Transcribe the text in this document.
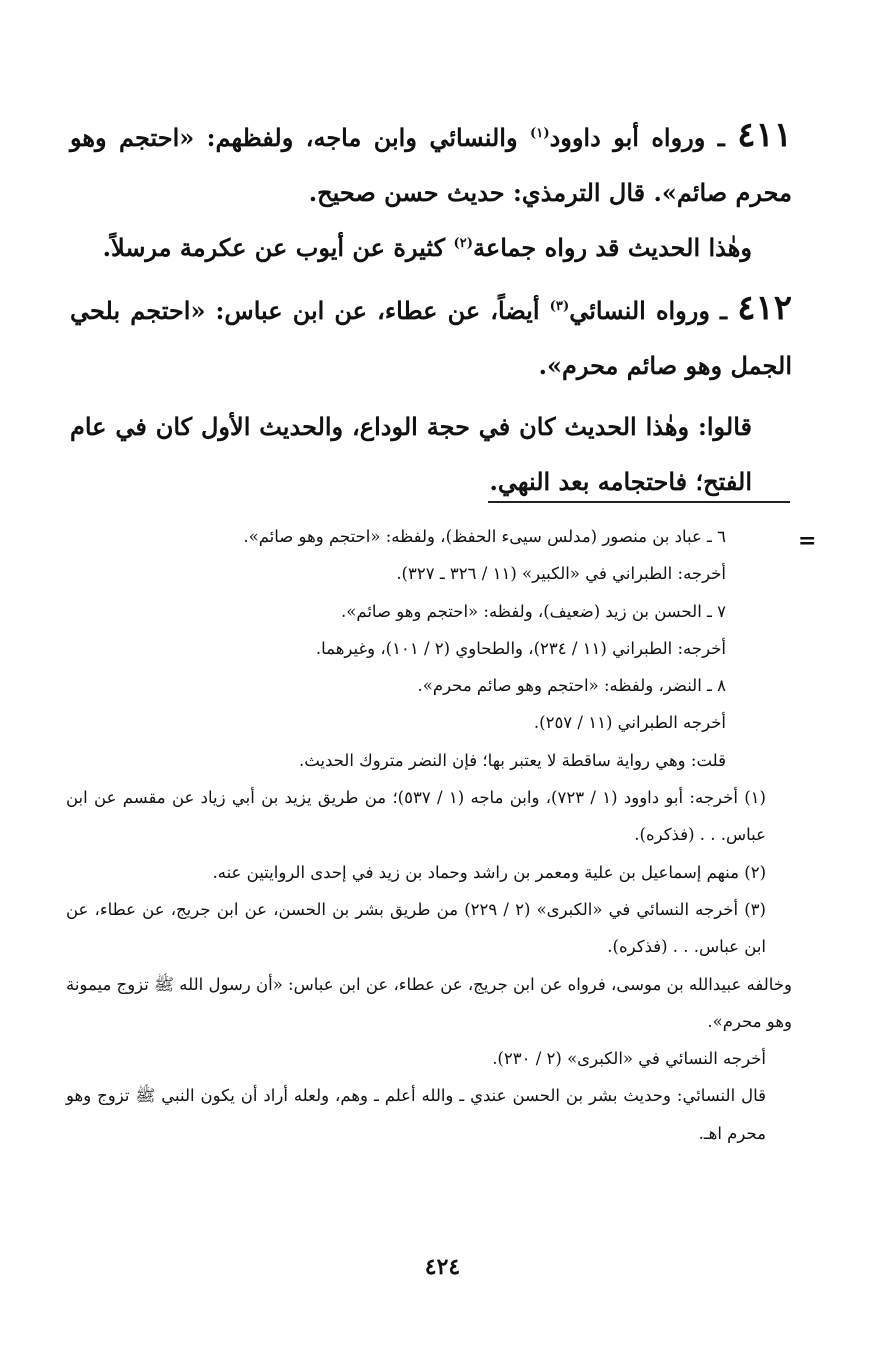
٤١١ ـ ورواه أبو داوود$^{(١)}$ والنسائي وابن ماجه، ولفظهم: «احتجم وهو محرم صائم». قال الترمذي: حديث حسن صحيح.

وهٰذا الحديث قد رواه جماعة$^{(٢)}$ كثيرة عن أيوب عن عكرمة مرسلاً.

٤١٢ ـ ورواه النسائي$^{(٣)}$ أيضاً، عن عطاء، عن ابن عباس: «احتجم بلحي الجمل وهو صائم محرم».

قالوا: وهٰذا الحديث كان في حجة الوداع، والحديث الأول كان في عام الفتح؛ فاحتجامه بعد النهي.

=

٦ ـ عباد بن منصور (مدلس سيىء الحفظ)، ولفظه: «احتجم وهو صائم».

أخرجه: الطبراني في «الكبير» (١١ / ٣٢٦ ـ ٣٢٧).

٧ ـ الحسن بن زيد (ضعيف)، ولفظه: «احتجم وهو صائم».

أخرجه: الطبراني (١١ / ٢٣٤)، والطحاوي (٢ / ١٠١)، وغيرهما.

٨ ـ النضر، ولفظه: «احتجم وهو صائم محرم».

أخرجه الطبراني (١١ / ٢٥٧).

قلت: وهي رواية ساقطة لا يعتبر بها؛ فإن النضر متروك الحديث.

(١) أخرجه: أبو داوود (١ / ٧٢٣)، وابن ماجه (١ / ٥٣٧)؛ من طريق يزيد بن أبي زياد عن مقسم عن ابن عباس. . . (فذكره).

(٢) منهم إسماعيل بن علية ومعمر بن راشد وحماد بن زيد في إحدى الروايتين عنه.

(٣) أخرجه النسائي في «الكبرى» (٢ / ٢٢٩) من طريق بشر بن الحسن، عن ابن جريج، عن عطاء، عن ابن عباس. . . (فذكره).

وخالفه عبيدالله بن موسى، فرواه عن ابن جريج، عن عطاء، عن ابن عباس: «أن رسول الله ﷺ تزوج ميمونة وهو محرم».

أخرجه النسائي في «الكبرى» (٢ / ٢٣٠).

قال النسائي: وحديث بشر بن الحسن عندي ـ والله أعلم ـ وهم، ولعله أراد أن يكون النبي ﷺ تزوج وهو محرم اهـ.

٤٢٤
